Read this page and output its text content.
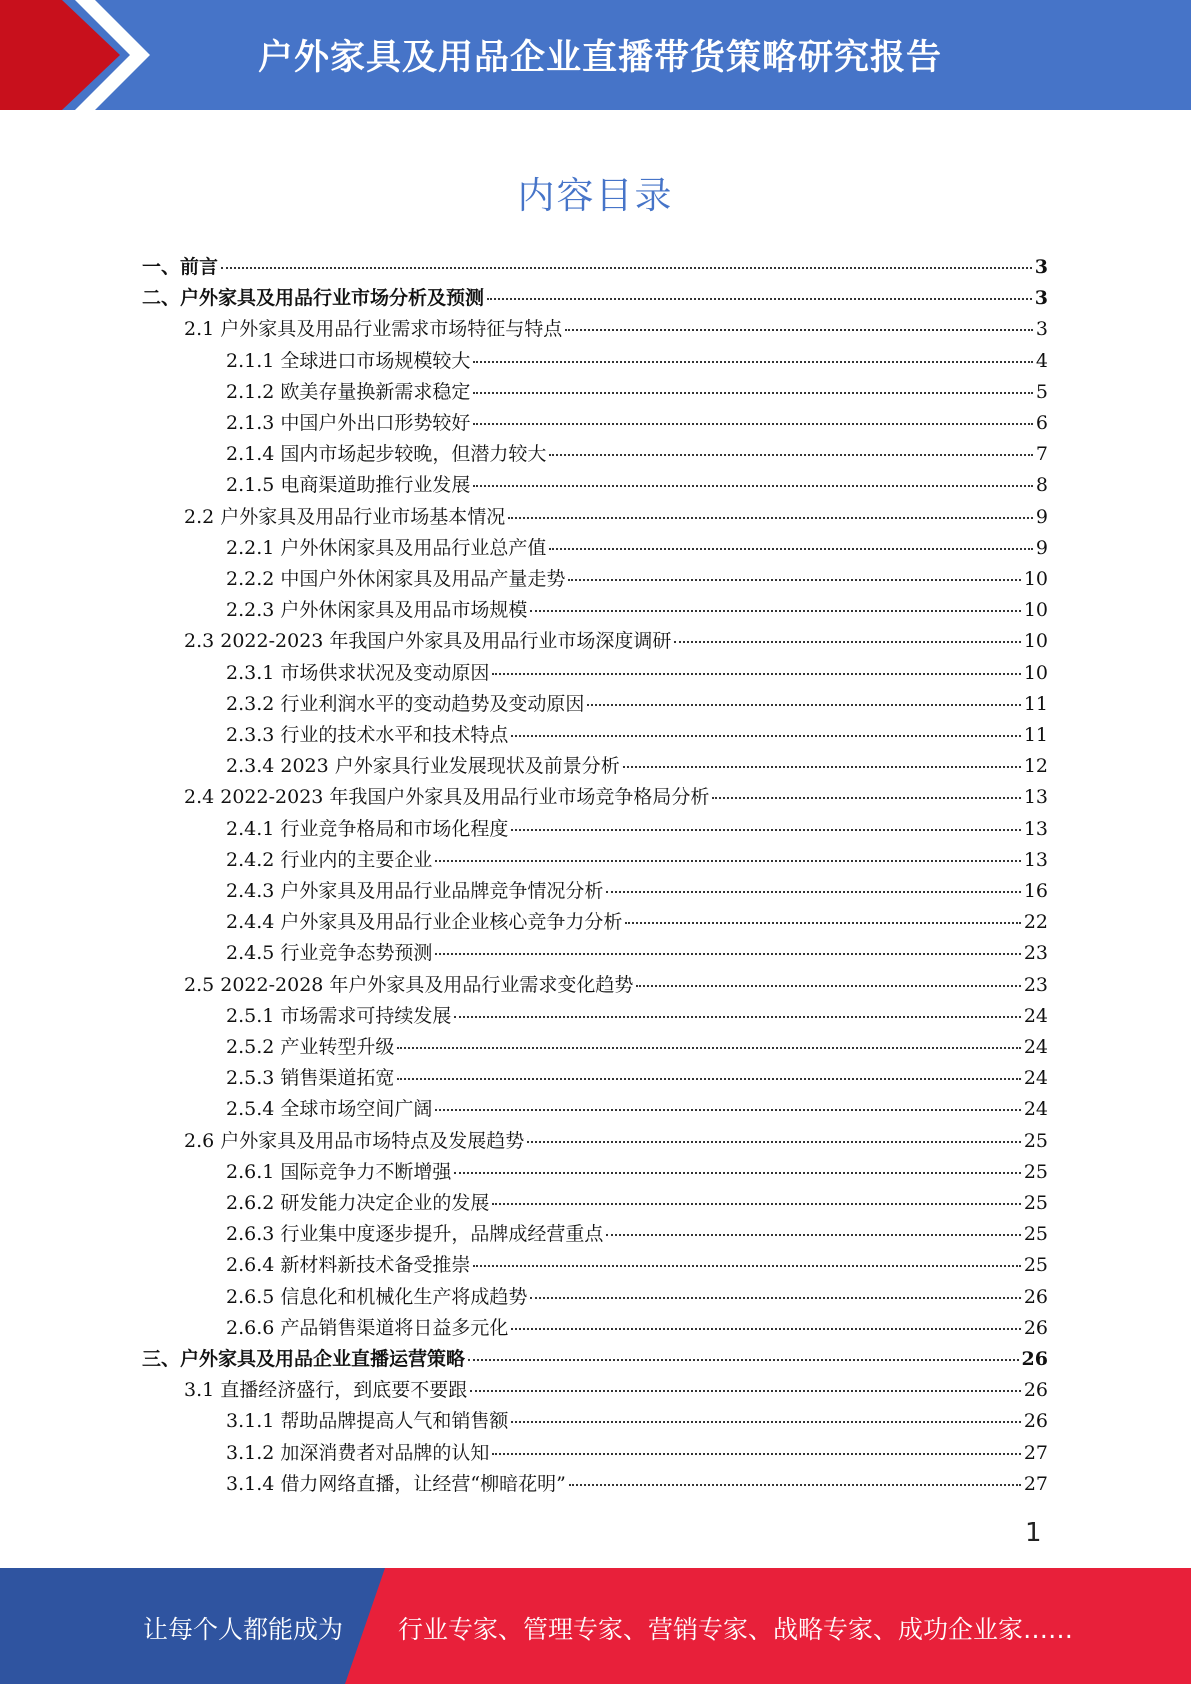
户外家具及用品企业直播带货策略研究报告
内容目录
一、前言	3
二、户外家具及用品行业市场分析及预测	3
2.1 户外家具及用品行业需求市场特征与特点	3
2.1.1 全球进口市场规模较大	4
2.1.2 欧美存量换新需求稳定	5
2.1.3 中国户外出口形势较好	6
2.1.4 国内市场起步较晚，但潜力较大	7
2.1.5 电商渠道助推行业发展	8
2.2 户外家具及用品行业市场基本情况	9
2.2.1 户外休闲家具及用品行业总产值	9
2.2.2 中国户外休闲家具及用品产量走势	10
2.2.3 户外休闲家具及用品市场规模	10
2.3 2022-2023 年我国户外家具及用品行业市场深度调研	10
2.3.1 市场供求状况及变动原因	10
2.3.2 行业利润水平的变动趋势及变动原因	11
2.3.3 行业的技术水平和技术特点	11
2.3.4 2023 户外家具行业发展现状及前景分析	12
2.4 2022-2023 年我国户外家具及用品行业市场竞争格局分析	13
2.4.1 行业竞争格局和市场化程度	13
2.4.2 行业内的主要企业	13
2.4.3 户外家具及用品行业品牌竞争情况分析	16
2.4.4 户外家具及用品行业企业核心竞争力分析	22
2.4.5 行业竞争态势预测	23
2.5 2022-2028 年户外家具及用品行业需求变化趋势	23
2.5.1 市场需求可持续发展	24
2.5.2 产业转型升级	24
2.5.3 销售渠道拓宽	24
2.5.4 全球市场空间广阔	24
2.6 户外家具及用品市场特点及发展趋势	25
2.6.1 国际竞争力不断增强	25
2.6.2 研发能力决定企业的发展	25
2.6.3 行业集中度逐步提升，品牌成经营重点	25
2.6.4 新材料新技术备受推崇	25
2.6.5 信息化和机械化生产将成趋势	26
2.6.6 产品销售渠道将日益多元化	26
三、户外家具及用品企业直播运营策略	26
3.1 直播经济盛行，到底要不要跟	26
3.1.1 帮助品牌提高人气和销售额	26
3.1.2 加深消费者对品牌的认知	27
3.1.4 借力网络直播，让经营“柳暗花明”	27
1
让每个人都能成为 行业专家、管理专家、营销专家、战略专家、成功企业家……
